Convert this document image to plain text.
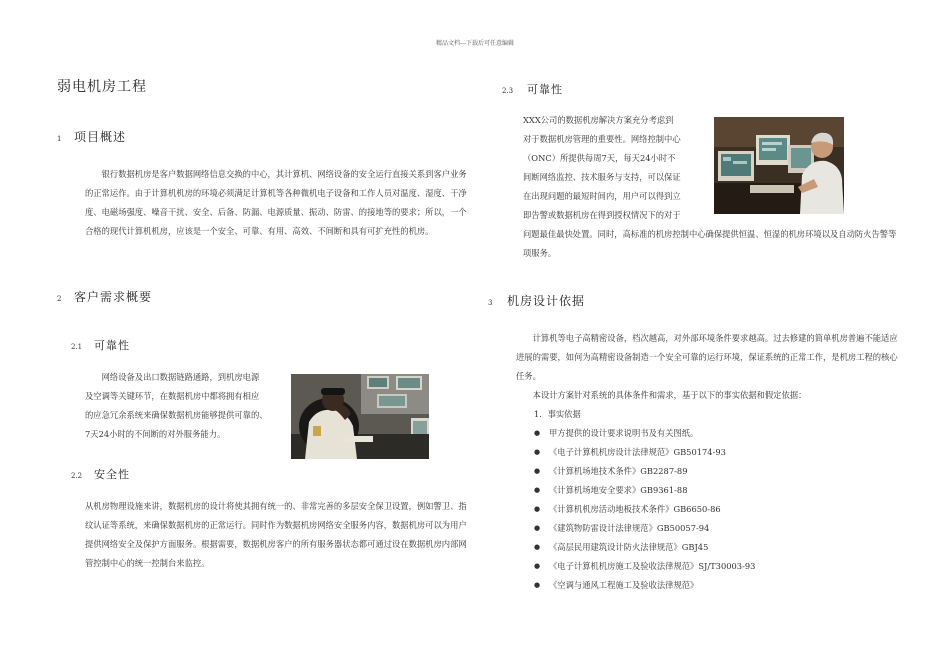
精品文档---下载后可任意编辑
弱电机房工程
1 项目概述

银行数据机房是客户数据网络信息交换的中心，其计算机、网络设备的安全运行直接关系到客户业务的正常运作。由于计算机机房的环境必须满足计算机等各种微机电子设备和工作人员对温度、湿度、干净度、电磁场强度、噪音干扰、安全、后备、防漏、电源质量、振动、防雷、的接地等的要求；所以，一个合格的现代计算机机房，应该是一个安全、可靠、有用、高效、不间断和具有可扩充性的机房。

2 客户需求概要
2.1 可靠性

网络设备及出口数据链路通路，到机房电源

及空调等关键环节，在数据机房中都将拥有相应

的应急冗余系统来确保数据机房能够提供可靠的、

7天24小时的不间断的对外服务能力。

2.2 安全性

从机房物理设施来讲，数据机房的设计将使其拥有统一的、非常完善的多层安全保卫设置，例如警卫、指纹认证等系统，来确保数据机房的正常运行。同时作为数据机房网络安全服务内容，数据机房可以为用户提供网络安全及保护方面服务。根据需要，数据机房客户的所有服务器状态都可通过设在数据机房内部网管控制中心的统一控制台来监控。

2.3 可靠性

XXX公司的数据机房解决方案充分考虑到

对于数据机房管理的重要性。网络控制中心

（ONC）所提供每周7天，每天24小时不

间断网络监控、技术服务与支持，可以保证

在出现问题的最短时间内，用户可以得到立

即告警或数据机房在得到授权情况下的对于

问题最佳最快处置。同时，高标准的机房控制中心确保提供恒温、恒湿的机房环境以及自动防火告警等项服务。

3 机房设计依据

计算机等电子高精密设备，档次越高，对外部环境条件要求越高。过去修建的简单机房普遍不能适应进展的需要，如何为高精密设备制造一个安全可靠的运行环境，保证系统的正常工作，是机房工程的核心任务。

本设计方案针对系统的具体条件和需求，基于以下的事实依据和假定依据：

1．事实依据

● 甲方提供的设计要求说明书及有关图纸。
● 《电子计算机机房设计法律规范》GB50174-93
● 《计算机场地技术条件》GB2287-89
● 《计算机场地安全要求》GB9361-88
● 《计算机机房活动地板技术条件》GB6650-86
● 《建筑物防雷设计法律规范》GB50057-94
● 《高层民用建筑设计防火法律规范》GBJ45
● 《电子计算机机房施工及验收法律规范》SJ/T30003-93
● 《空调与通风工程施工及验收法律规范》
